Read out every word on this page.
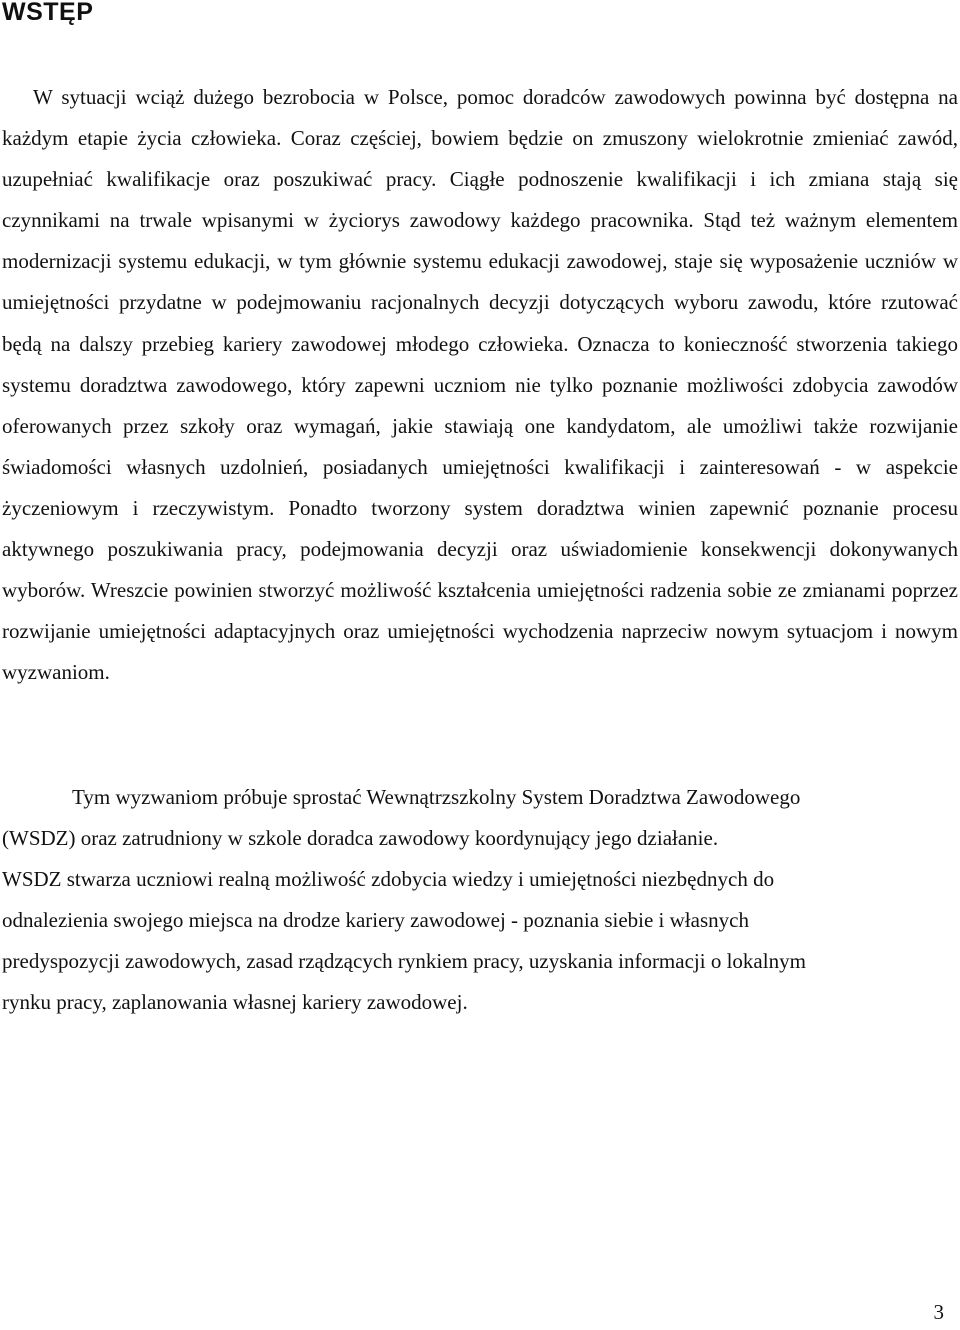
WSTĘP

W sytuacji wciąż dużego bezrobocia w Polsce, pomoc doradców zawodowych powinna być dostępna na każdym etapie życia człowieka. Coraz częściej, bowiem będzie on zmuszony wielokrotnie zmieniać zawód, uzupełniać kwalifikacje oraz poszukiwać pracy. Ciągłe podnoszenie kwalifikacji i ich zmiana stają się czynnikami na trwale wpisanymi w życiorys zawodowy każdego pracownika. Stąd też ważnym elementem modernizacji systemu edukacji, w tym głównie systemu edukacji zawodowej, staje się wyposażenie uczniów w umiejętności przydatne w podejmowaniu racjonalnych decyzji dotyczących wyboru zawodu, które rzutować będą na dalszy przebieg kariery zawodowej młodego człowieka. Oznacza to konieczność stworzenia takiego systemu doradztwa zawodowego, który zapewni uczniom nie tylko poznanie możliwości zdobycia zawodów oferowanych przez szkoły oraz wymagań, jakie stawiają one kandydatom, ale umożliwi także rozwijanie świadomości własnych uzdolnień, posiadanych umiejętności kwalifikacji i zainteresowań - w aspekcie życzeniowym i rzeczywistym. Ponadto tworzony system doradztwa winien zapewnić poznanie procesu aktywnego poszukiwania pracy, podejmowania decyzji oraz uświadomienie konsekwencji dokonywanych wyborów. Wreszcie powinien stworzyć możliwość kształcenia umiejętności radzenia sobie ze zmianami poprzez rozwijanie umiejętności adaptacyjnych oraz umiejętności wychodzenia naprzeciw nowym sytuacjom i nowym wyzwaniom.

Tym wyzwaniom próbuje sprostać Wewnątrzszkolny System Doradztwa Zawodowego
(WSDZ) oraz zatrudniony w szkole doradca zawodowy koordynujący jego działanie.
WSDZ stwarza uczniowi realną możliwość zdobycia wiedzy i umiejętności niezbędnych do
odnalezienia swojego miejsca na drodze kariery zawodowej - poznania siebie i własnych
predyspozycji zawodowych, zasad rządzących rynkiem pracy, uzyskania informacji o lokalnym
rynku pracy, zaplanowania własnej kariery zawodowej.

3
